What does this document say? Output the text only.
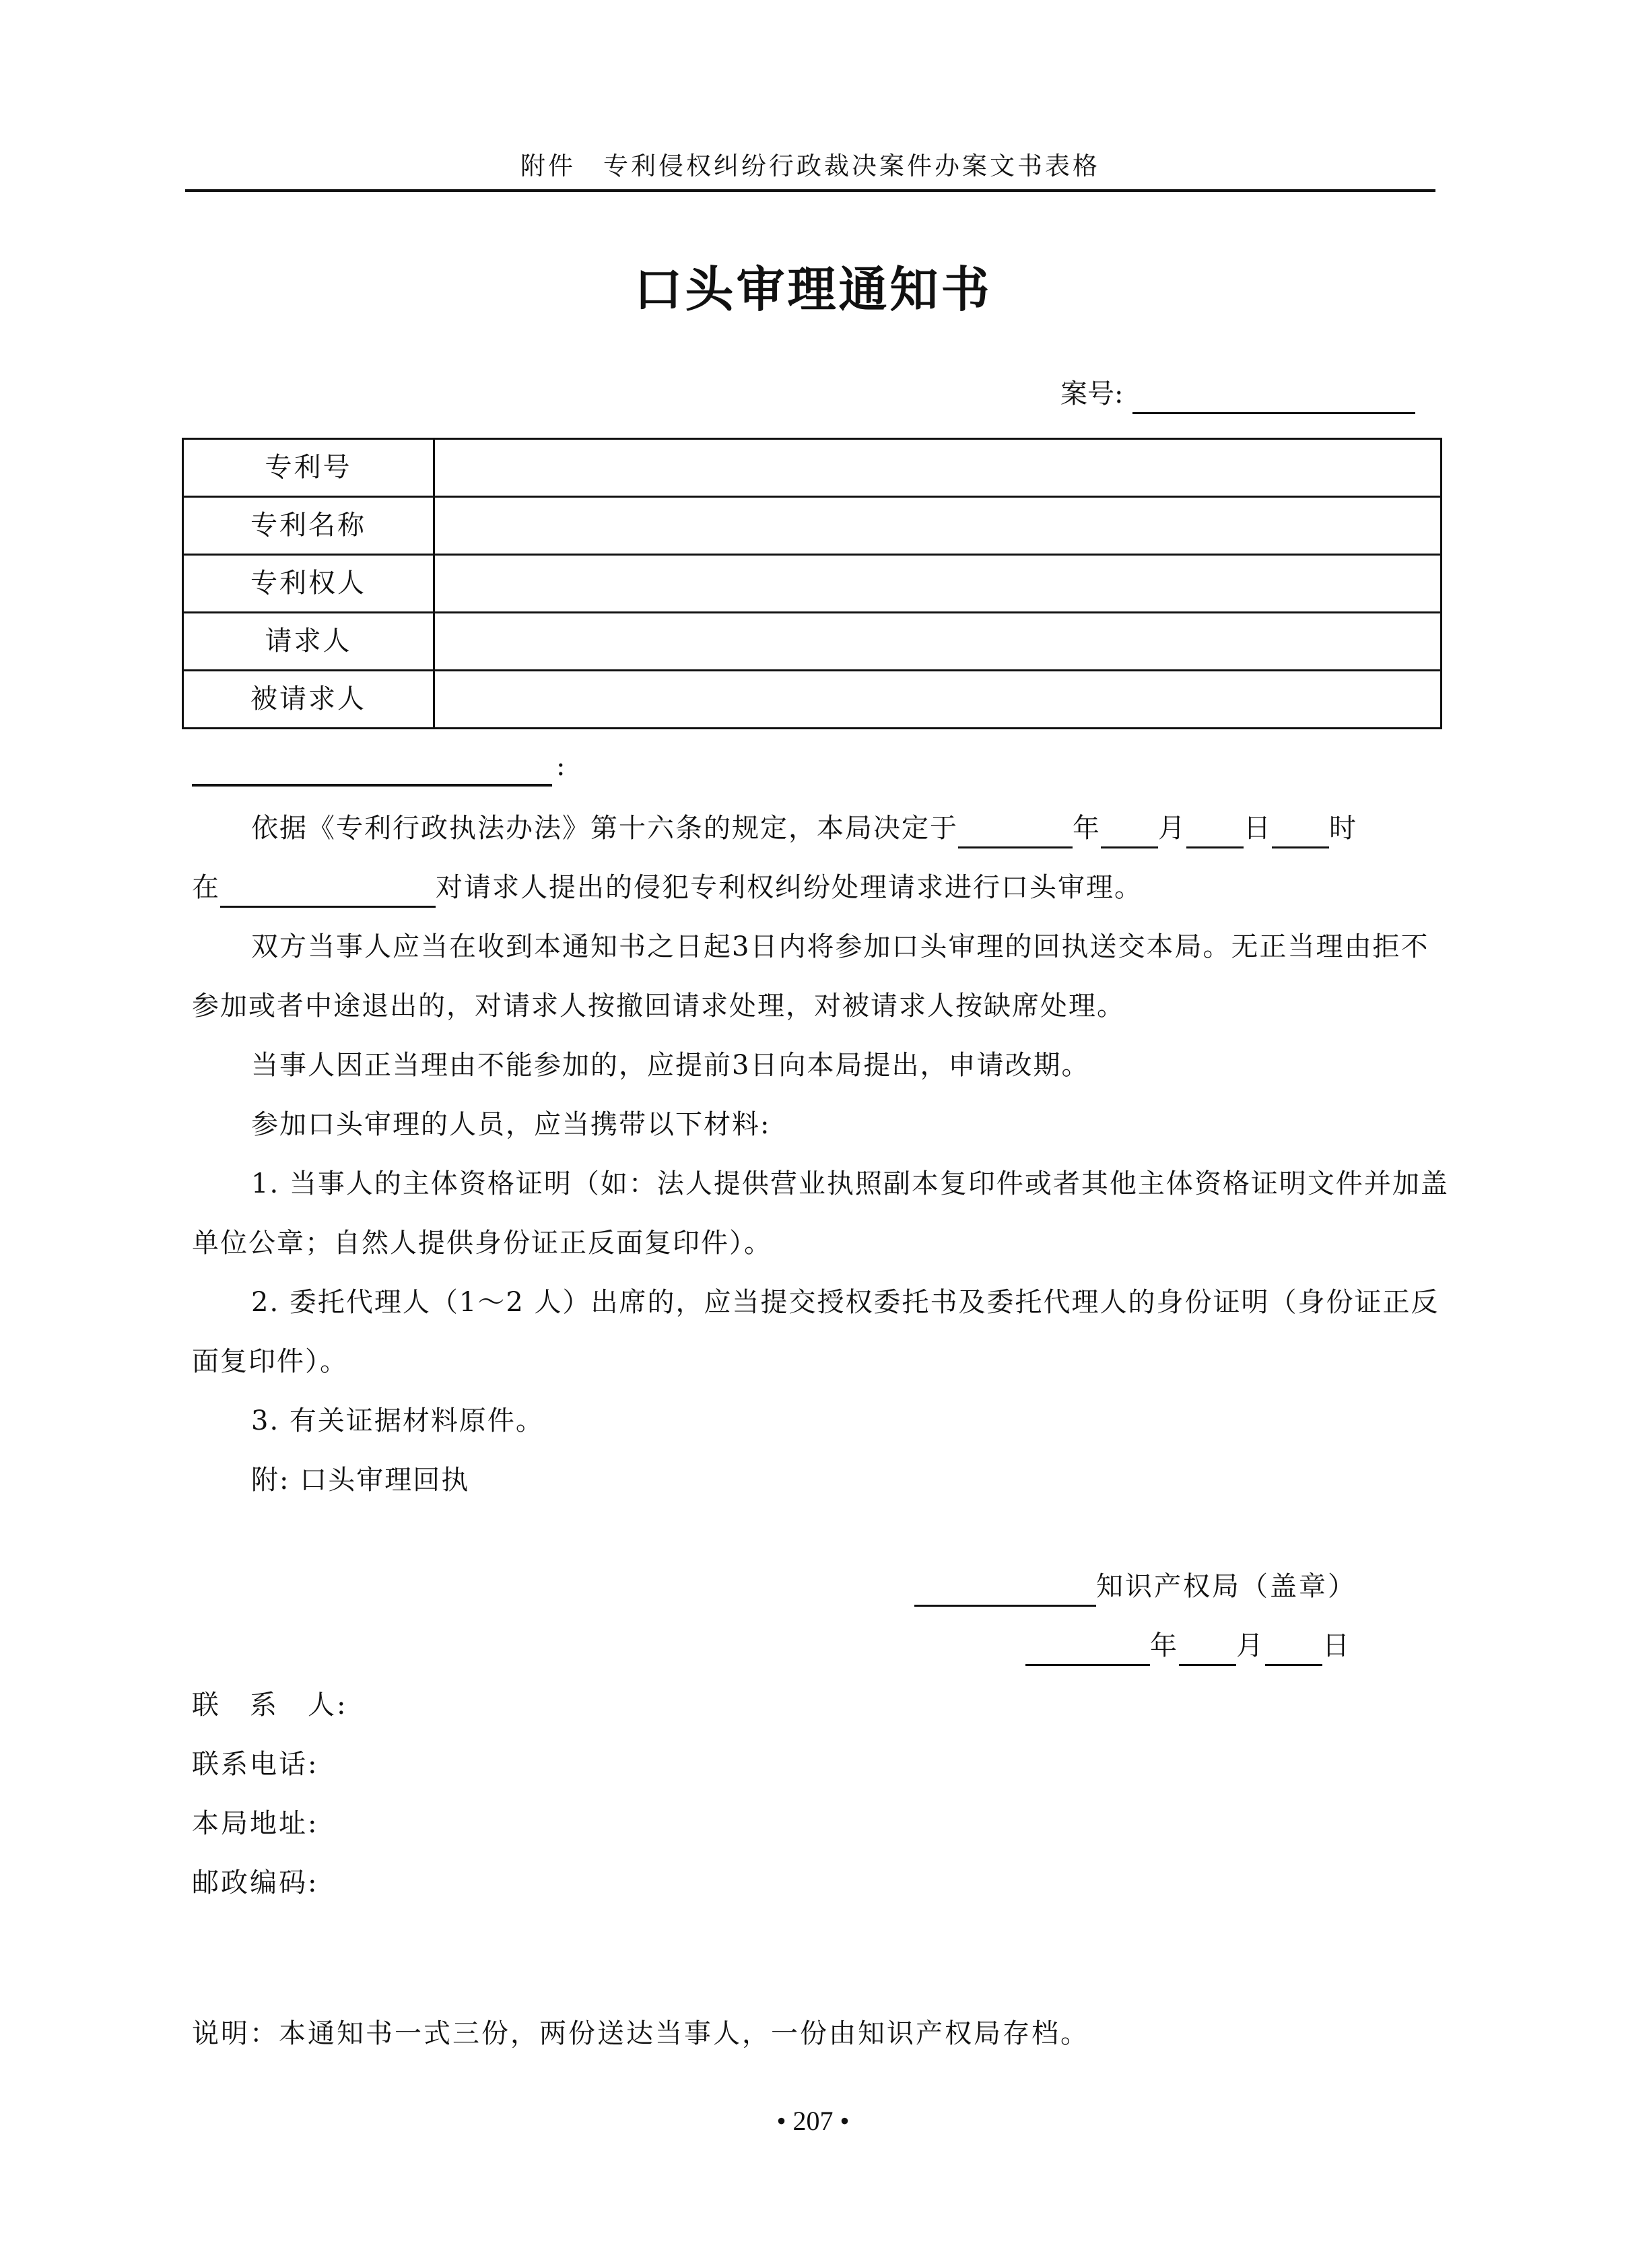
附件　专利侵权纠纷行政裁决案件办案文书表格
口头审理通知书
案号:
专利号	
专利名称	
专利权人	
请求人	
被请求人	
:
依据《专利行政执法办法》第十六条的规定，本局决定于	年 月 日 时
在	对请求人提出的侵犯专利权纠纷处理请求进行口头审理。
双方当事人应当在收到本通知书之日起3日内将参加口头审理的回执送交本局。无正当理由拒不
参加或者中途退出的，对请求人按撤回请求处理，对被请求人按缺席处理。
当事人因正当理由不能参加的，应提前3日向本局提出，申请改期。
参加口头审理的人员，应当携带以下材料:
1. 当事人的主体资格证明（如：法人提供营业执照副本复印件或者其他主体资格证明文件并加盖
单位公章；自然人提供身份证正反面复印件）。
2. 委托代理人（1～2 人）出席的，应当提交授权委托书及委托代理人的身份证明（身份证正反
面复印件）。
3. 有关证据材料原件。
附: 口头审理回执
知识产权局（盖章）
年 月 日
联　系　人:
联系电话:
本局地址:
邮政编码:
说明：本通知书一式三份，两份送达当事人，一份由知识产权局存档。
• 207 •
